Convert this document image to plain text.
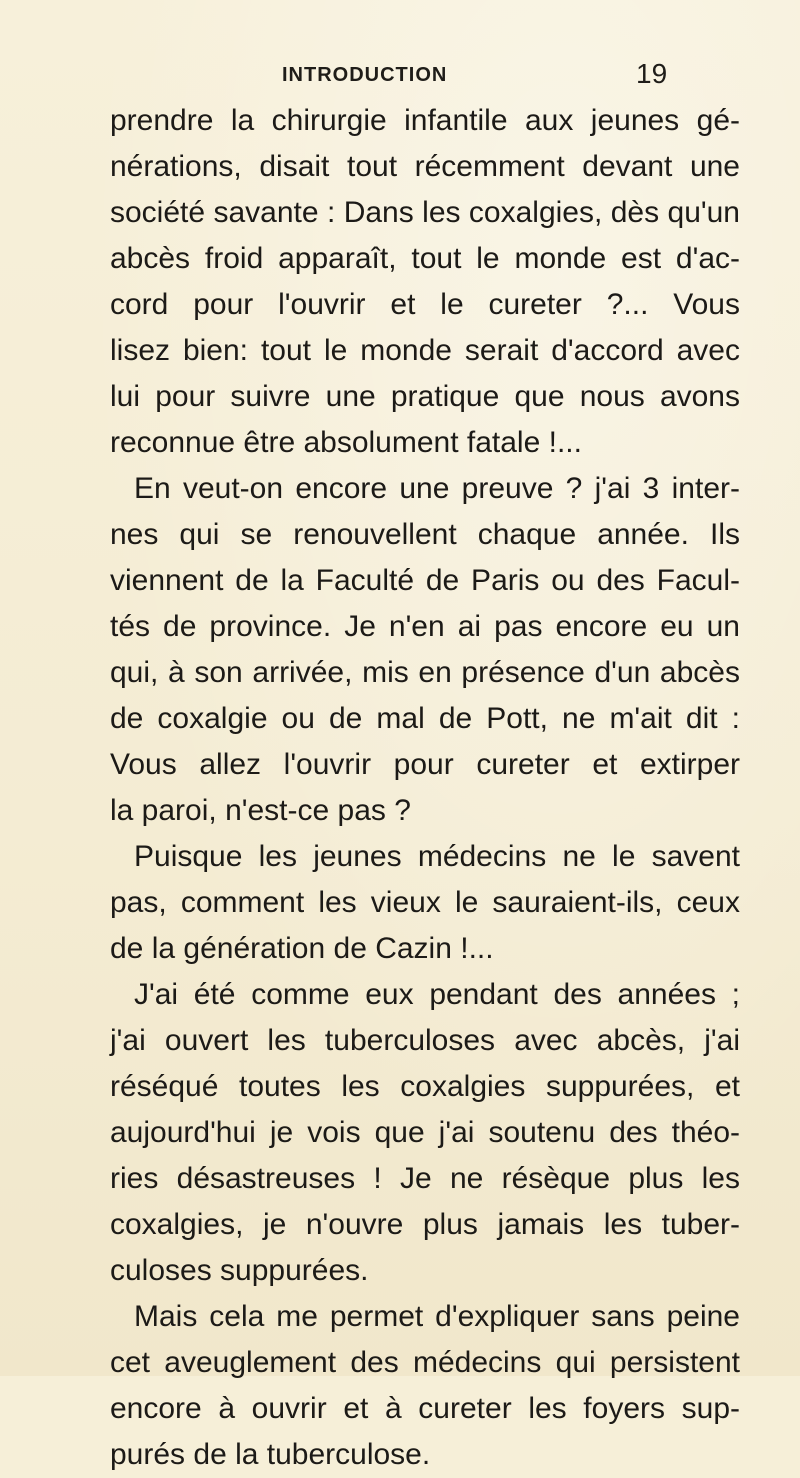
INTRODUCTION	19
prendre la chirurgie infantile aux jeunes gé-
nérations, disait tout récemment devant une
société savante : Dans les coxalgies, dès qu'un
abcès froid apparaît, tout le monde est d'ac-
cord pour l'ouvrir et le cureter ?... Vous
lisez bien: tout le monde serait d'accord avec
lui pour suivre une pratique que nous avons
reconnue être absolument fatale !...
En veut-on encore une preuve ? j'ai 3 inter-
nes qui se renouvellent chaque année. Ils
viennent de la Faculté de Paris ou des Facul-
tés de province. Je n'en ai pas encore eu un
qui, à son arrivée, mis en présence d'un abcès
de coxalgie ou de mal de Pott, ne m'ait dit :
Vous allez l'ouvrir pour cureter et extirper
la paroi, n'est-ce pas ?
Puisque les jeunes médecins ne le savent
pas, comment les vieux le sauraient-ils, ceux
de la génération de Cazin !...
J'ai été comme eux pendant des années ;
j'ai ouvert les tuberculoses avec abcès, j'ai
réséqué toutes les coxalgies suppurées, et
aujourd'hui je vois que j'ai soutenu des théo-
ries désastreuses ! Je ne résèque plus les
coxalgies, je n'ouvre plus jamais les tuber-
culoses suppurées.
Mais cela me permet d'expliquer sans peine
cet aveuglement des médecins qui persistent
encore à ouvrir et à cureter les foyers sup-
purés de la tuberculose.
